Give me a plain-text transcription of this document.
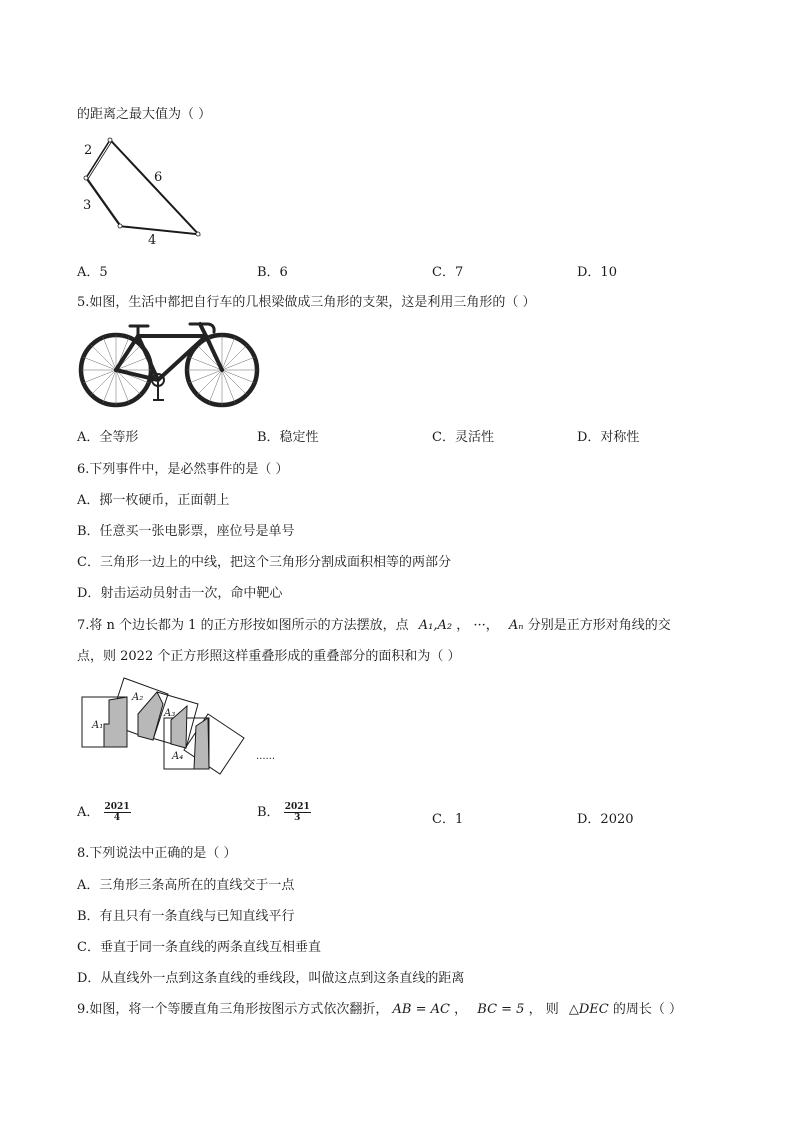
的距离之最大值为（ ）
2
6
3
4
A．5	B．6	C．7	D．10
5.如图，生活中都把自行车的几根梁做成三角形的支架，这是利用三角形的（ ）
A．全等形	B．稳定性	C．灵活性	D．对称性
6.下列事件中，是必然事件的是（ ）
A．掷一枚硬币，正面朝上
B．任意买一张电影票，座位号是单号
C．三角形一边上的中线，把这个三角形分割成面积相等的两部分
D．射击运动员射击一次，命中靶心
7.将 n 个边长都为 1 的正方形按如图所示的方法摆放，点 A₁,A₂ ， ···， Aₙ 分别是正方形对角线的交
点，则 2022 个正方形照这样重叠形成的重叠部分的面积和为（ ）
A₁
A₂
A₃
A₄	......
A． $\frac{2021}{4}$	B． $\frac{2021}{3}$	C．1	D．2020
8.下列说法中正确的是（ ）
A．三角形三条高所在的直线交于一点
B．有且只有一条直线与已知直线平行
C．垂直于同一条直线的两条直线互相垂直
D．从直线外一点到这条直线的垂线段，叫做这点到这条直线的距离
9.如图，将一个等腰直角三角形按图示方式依次翻折， AB = AC ， BC = 5 ， 则 △DEC 的周长（ ）
